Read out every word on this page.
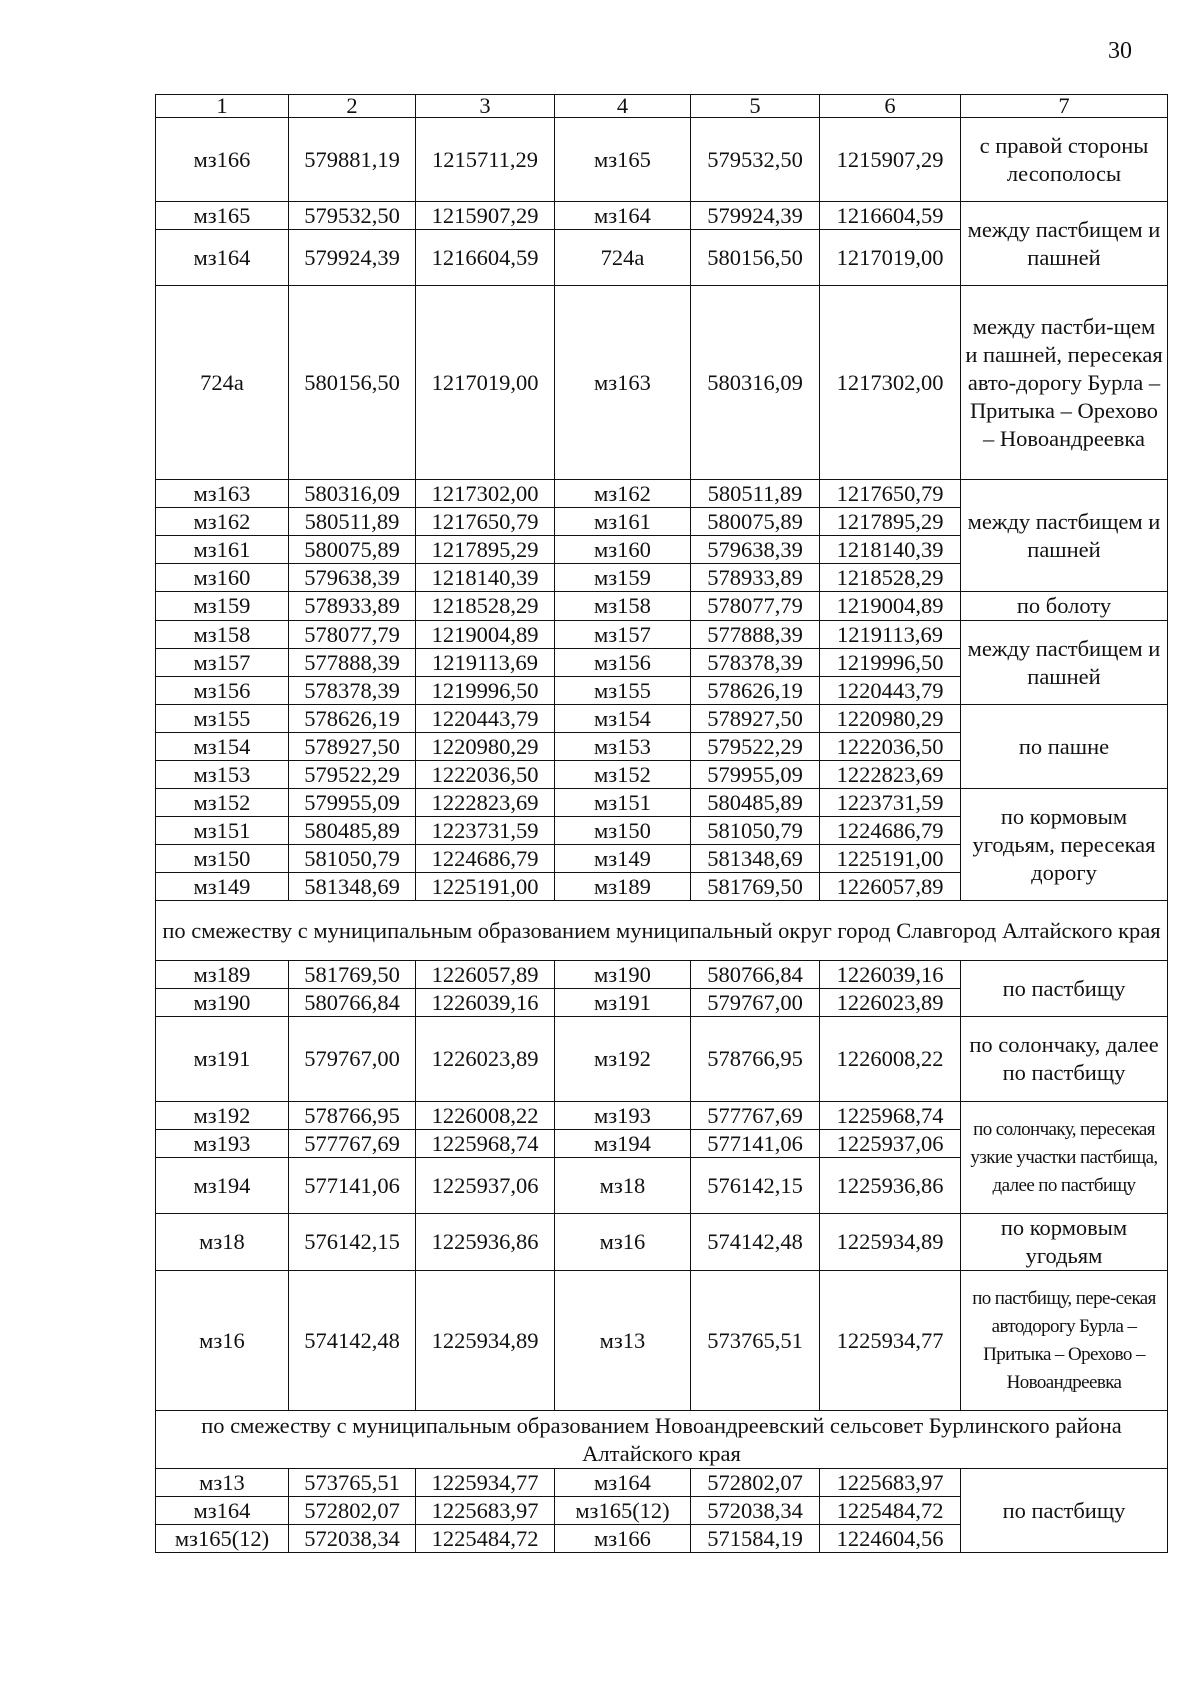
30
1	2	3	4	5	6	7
мз166	579881,19	1215711,29	мз165	579532,50	1215907,29	с правой стороны лесополосы
мз165	579532,50	1215907,29	мз164	579924,39	1216604,59	между пастбищем и пашней
мз164	579924,39	1216604,59	724а	580156,50	1217019,00	
724а	580156,50	1217019,00	мз163	580316,09	1217302,00	между пастби-щем и пашней, пересекая авто-дорогу Бурла – Притыка – Орехово – Новоандреевка
мз163	580316,09	1217302,00	мз162	580511,89	1217650,79	между пастбищем и пашней
мз162	580511,89	1217650,79	мз161	580075,89	1217895,29	
мз161	580075,89	1217895,29	мз160	579638,39	1218140,39	
мз160	579638,39	1218140,39	мз159	578933,89	1218528,29	
мз159	578933,89	1218528,29	мз158	578077,79	1219004,89	по болоту
мз158	578077,79	1219004,89	мз157	577888,39	1219113,69	между пастбищем и пашней
мз157	577888,39	1219113,69	мз156	578378,39	1219996,50	
мз156	578378,39	1219996,50	мз155	578626,19	1220443,79	
мз155	578626,19	1220443,79	мз154	578927,50	1220980,29	по пашне
мз154	578927,50	1220980,29	мз153	579522,29	1222036,50	
мз153	579522,29	1222036,50	мз152	579955,09	1222823,69	
мз152	579955,09	1222823,69	мз151	580485,89	1223731,59	по кормовым угодьям, пересекая дорогу
мз151	580485,89	1223731,59	мз150	581050,79	1224686,79	
мз150	581050,79	1224686,79	мз149	581348,69	1225191,00	
мз149	581348,69	1225191,00	мз189	581769,50	1226057,89	
по смежеству с муниципальным образованием муниципальный округ город Славгород Алтайского края						
мз189	581769,50	1226057,89	мз190	580766,84	1226039,16	по пастбищу
мз190	580766,84	1226039,16	мз191	579767,00	1226023,89	
мз191	579767,00	1226023,89	мз192	578766,95	1226008,22	по солончаку, далее по пастбищу
мз192	578766,95	1226008,22	мз193	577767,69	1225968,74	по солончаку, пересекая узкие участки пастбища, далее по пастбищу
мз193	577767,69	1225968,74	мз194	577141,06	1225937,06	
мз194	577141,06	1225937,06	мз18	576142,15	1225936,86	
мз18	576142,15	1225936,86	мз16	574142,48	1225934,89	по кормовым угодьям
мз16	574142,48	1225934,89	мз13	573765,51	1225934,77	по пастбищу, пере-секая автодорогу Бурла – Притыка – Орехово – Новоандреевка
по смежеству с муниципальным образованием Новоандреевский сельсовет Бурлинского района Алтайского края						
мз13	573765,51	1225934,77	мз164	572802,07	1225683,97	по пастбищу
мз164	572802,07	1225683,97	мз165(12)	572038,34	1225484,72	
мз165(12)	572038,34	1225484,72	мз166	571584,19	1224604,56	
